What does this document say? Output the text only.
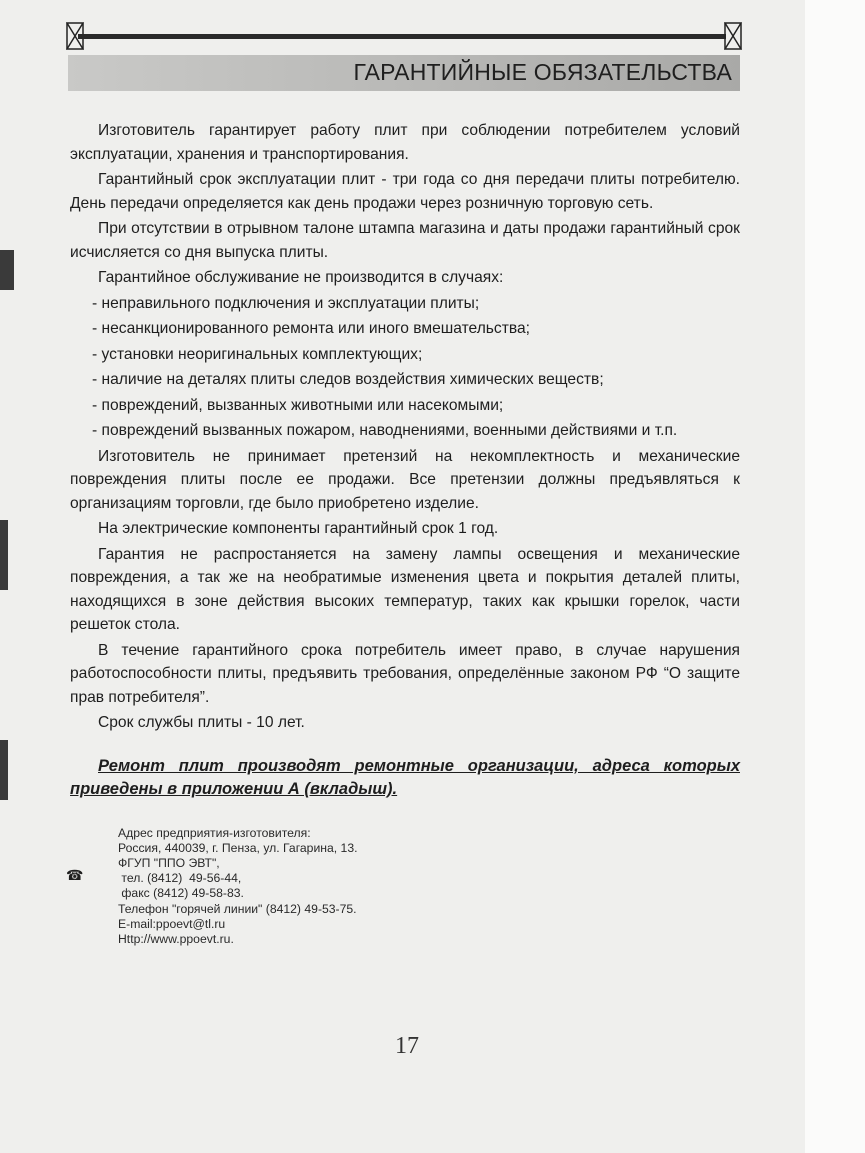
ГАРАНТИЙНЫЕ ОБЯЗАТЕЛЬСТВА

Изготовитель гарантирует работу плит при соблюдении потребителем условий эксплуатации, хранения и транспортирования.

Гарантийный срок эксплуатации плит - три года со дня передачи плиты потребителю. День передачи определяется как день продажи через розничную торговую сеть.

При отсутствии в отрывном талоне штампа магазина и даты продажи гарантийный срок исчисляется со дня выпуска плиты.

Гарантийное обслуживание не производится в случаях:

- неправильного подключения и эксплуатации плиты;

- несанкционированного ремонта или иного вмешательства;

- установки неоригинальных комплектующих;

- наличие на деталях плиты следов воздействия химических веществ;

- повреждений, вызванных животными или насекомыми;

- повреждений вызванных пожаром, наводнениями, военными действиями и т.п.

Изготовитель не принимает претензий на некомплектность и механические повреждения плиты после ее продажи. Все претензии должны предъявляться к организациям торговли, где было приобретено изделие.

На электрические компоненты гарантийный срок 1 год.

Гарантия не распростаняется на замену лампы освещения и механические повреждения, а так же на необратимые изменения цвета и покрытия деталей плиты, находящихся в зоне действия высоких температур, таких как крышки горелок, части решеток стола.

В течение гарантийного срока потребитель имеет право, в случае нарушения работоспособности плиты, предъявить требования, определённые законом РФ “О защите прав потребителя”.

Срок службы плиты - 10 лет.

Ремонт плит производят ремонтные организации, адреса которых приведены в приложении А (вкладыш).

☎
Адрес предприятия-изготовителя:
Россия, 440039, г. Пенза, ул. Гагарина, 13.
ФГУП "ППО ЭВТ",
тел. (8412)  49-56-44,
факс (8412) 49-58-83.
Телефон "горячей линии" (8412) 49-53-75.
E-mail:ppoevt@tl.ru
Http://www.ppoevt.ru.
17
